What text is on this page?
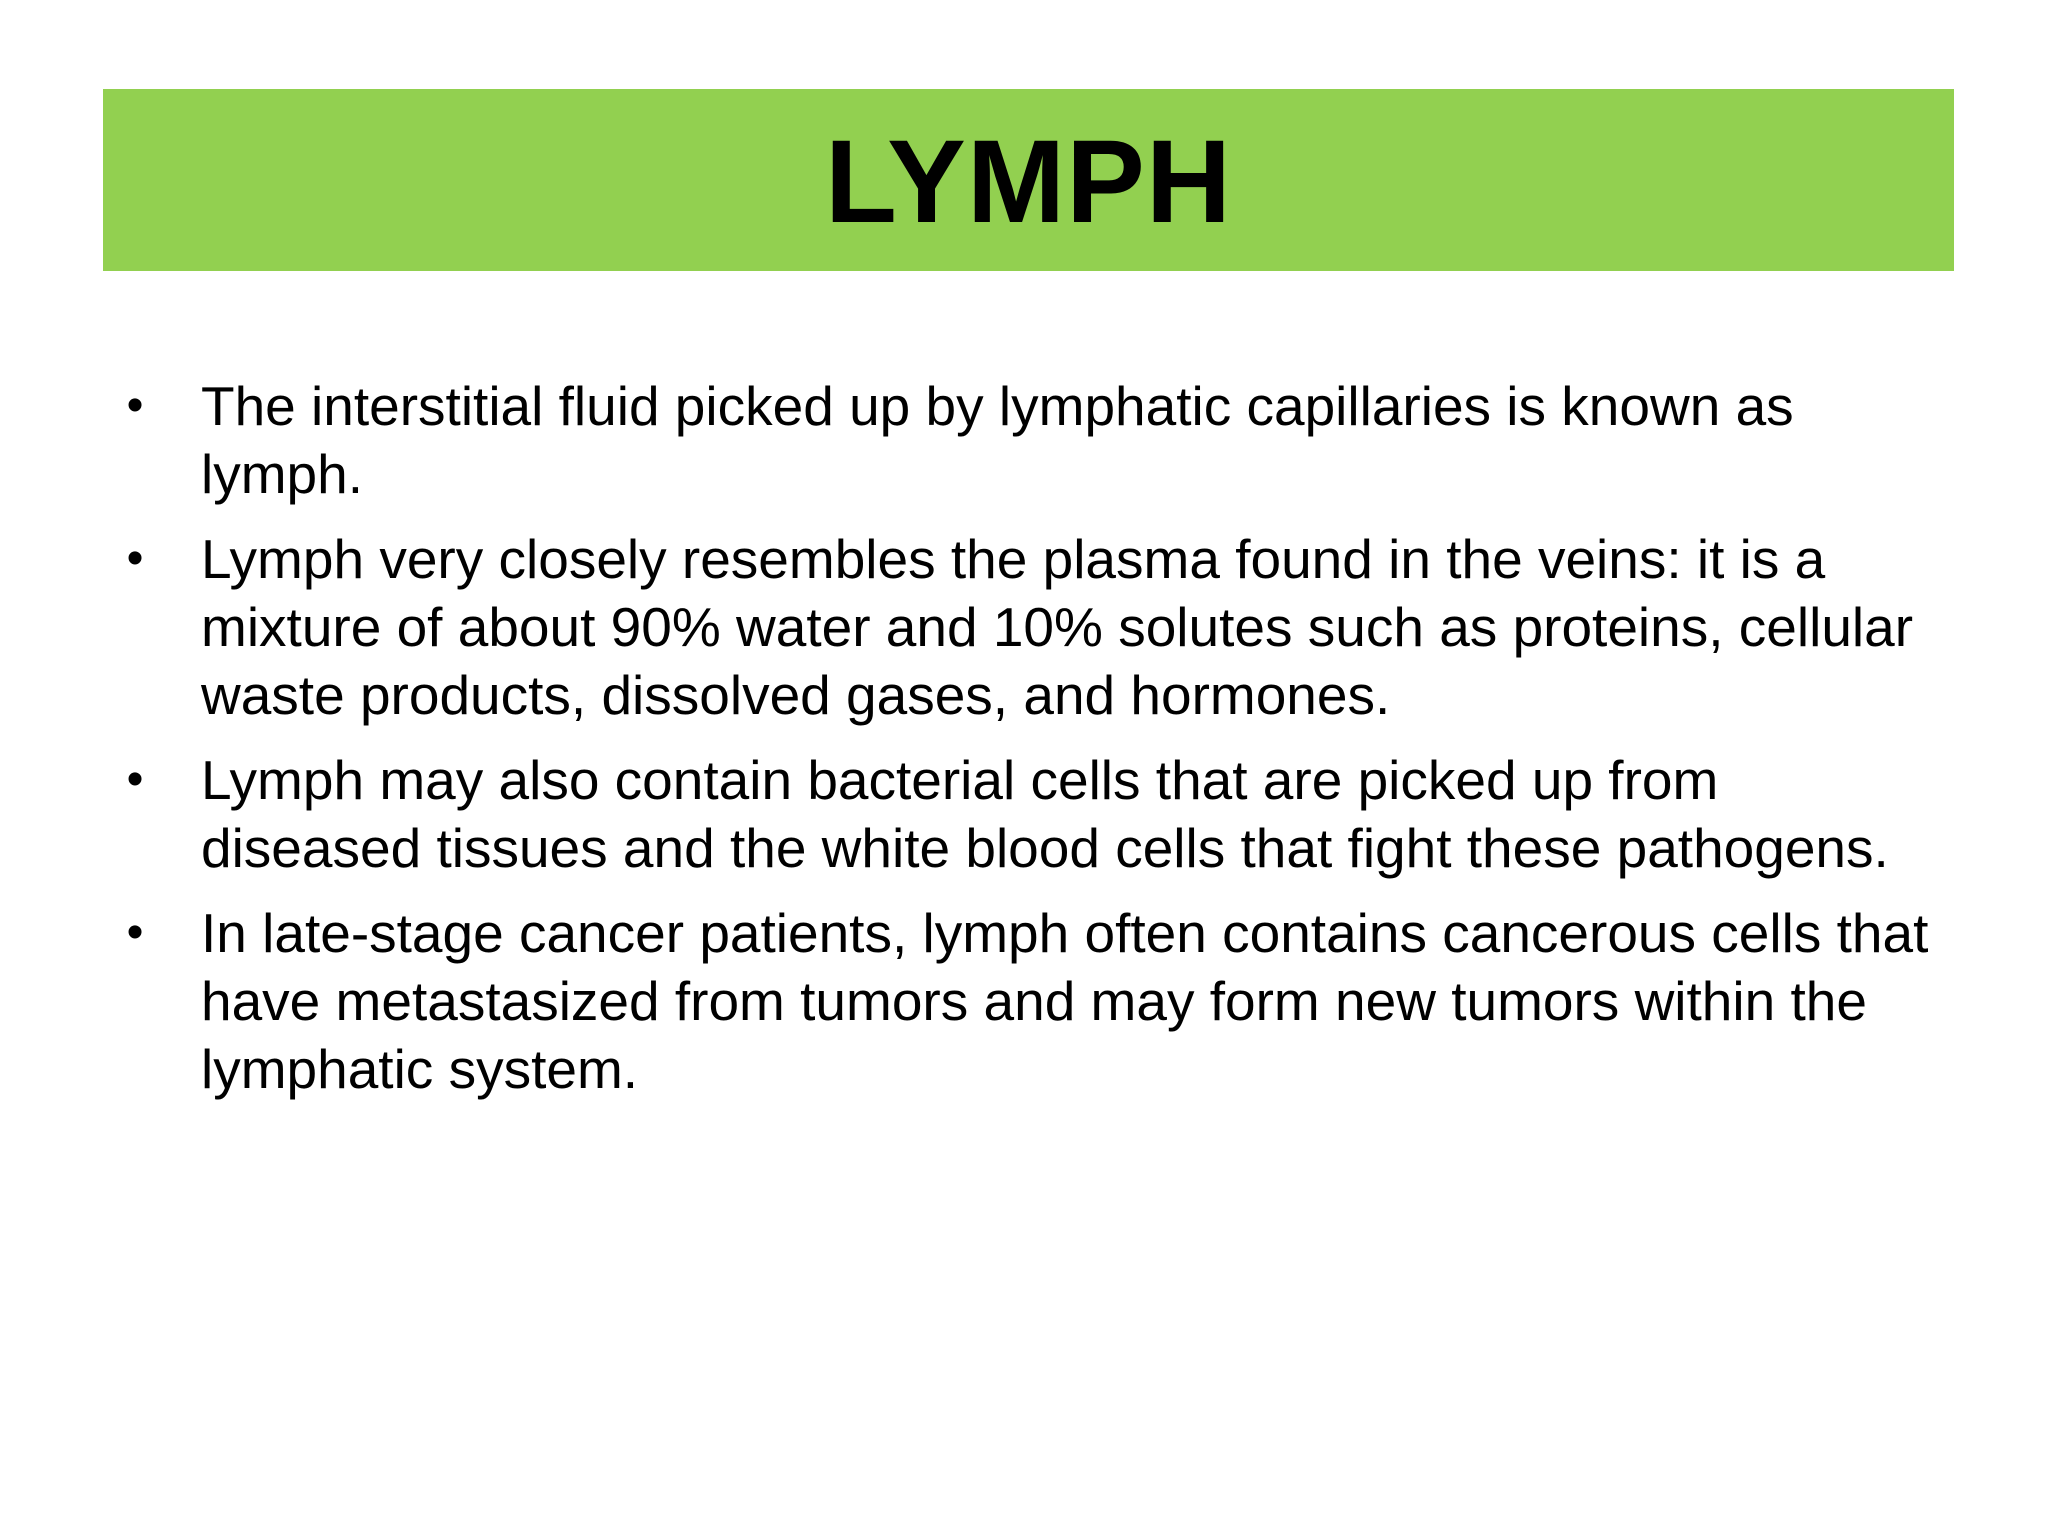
LYMPH
• The interstitial fluid picked up by lymphatic capillaries is known as lymph.
• Lymph very closely resembles the plasma found in the veins: it is a mixture of about 90% water and 10% solutes such as proteins, cellular waste products, dissolved gases, and hormones.
• Lymph may also contain bacterial cells that are picked up from diseased tissues and the white blood cells that fight these pathogens.
• In late-stage cancer patients, lymph often contains cancerous cells that have metastasized from tumors and may form new tumors within the lymphatic system.
